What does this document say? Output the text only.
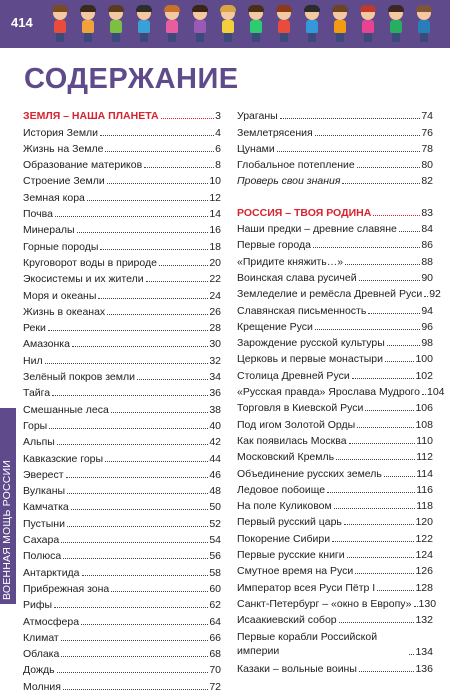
414
СОДЕРЖАНИЕ
ВОЕННАЯ МОЩЬ РОССИИ
ЗЕМЛЯ – НАША ПЛАНЕТА	3
История Земли	4
Жизнь на Земле	6
Образование материков	8
Строение Земли	10
Земная кора	12
Почва	14
Минералы	16
Горные породы	18
Круговорот воды в природе	20
Экосистемы и их жители	22
Моря и океаны	24
Жизнь в океанах	26
Реки	28
Амазонка	30
Нил	32
Зелёный покров земли	34
Тайга	36
Смешанные леса	38
Горы	40
Альпы	42
Кавказские горы	44
Эверест	46
Вулканы	48
Камчатка	50
Пустыни	52
Сахара	54
Полюса	56
Антарктида	58
Прибрежная зона	60
Рифы	62
Атмосфера	64
Климат	66
Облака	68
Дождь	70
Молния	72
Ураганы	74
Землетрясения	76
Цунами	78
Глобальное потепление	80
Проверь свои знания	82
РОССИЯ – ТВОЯ РОДИНА	83
Наши предки – древние славяне 84
Первые города	86
«Придите княжить…»	88
Воинская слава русичей	90
Земледелие и ремёсла Древней Руси 92
Славянская письменность	94
Крещение Руси	96
Зарождение русской культуры	98
Церковь и первые монастыри	100
Столица Древней Руси	102
«Русская правда» Ярослава Мудрого 104
Торговля в Киевской Руси	106
Под игом Золотой Орды	108
Как появилась Москва	110
Московский Кремль	112
Объединение русских земель	114
Ледовое побоище	116
На поле Куликовом	118
Первый русский царь	120
Покорение Сибири	122
Первые русские книги	124
Смутное время на Руси	126
Император всея Руси Пётр I	128
Санкт-Петербург – «окно в Европу» 130
Исаакиевский собор	132
Первые корабли Российской империи	134
Казаки – вольные воины	136
